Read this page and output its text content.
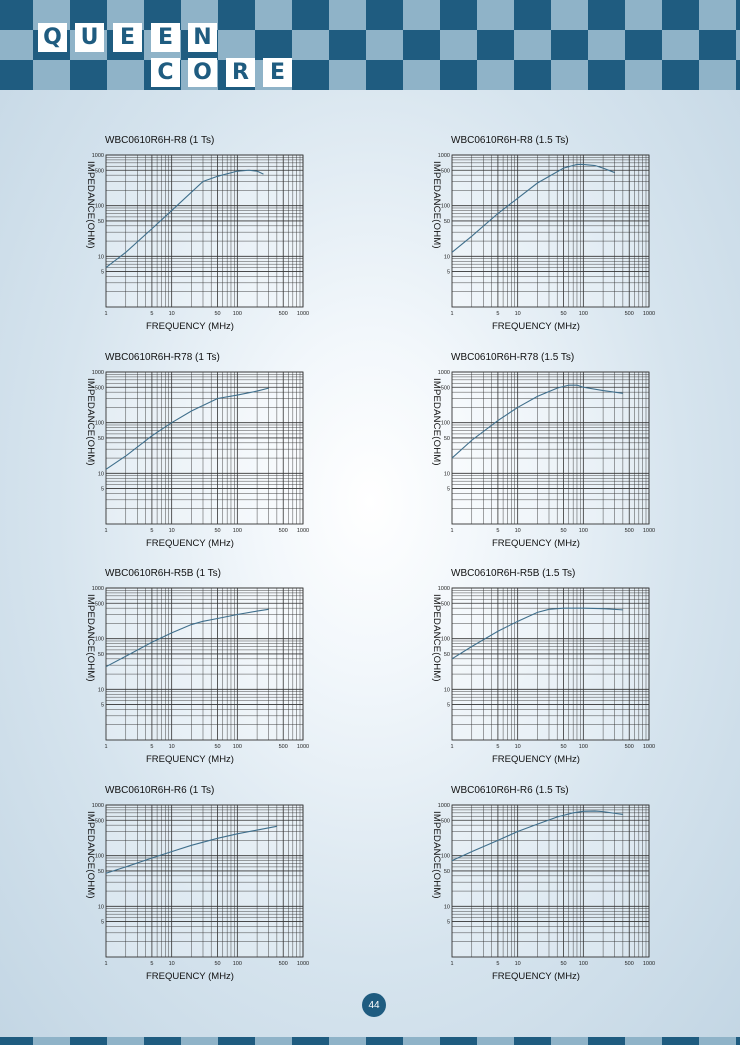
Q U E	E N
C O R E
WBC0610R6H-R8 (1 Ts)
IMPEDANCE(OHM)
1	5	10	50 100	500 1000
1000
500
100
50
10
5
FREQUENCY (MHz)
WBC0610R6H-R8 (1.5 Ts)
IMPEDANCE(OHM)
1	5	10	50 100	500 1000
1000
500
100
50
10
5
FREQUENCY (MHz)
WBC0610R6H-R78 (1 Ts)
IMPEDANCE(OHM)
1	5	10	50 100	500 1000
1000
500
100
50
10
5
FREQUENCY (MHz)
WBC0610R6H-R78 (1.5 Ts)
IMPEDANCE(OHM)
1	5	10	50 100	500 1000
1000
500
100
50
10
5
FREQUENCY (MHz)
WBC0610R6H-R5B (1 Ts)
IMPEDANCE(OHM)
1	5	10	50 100	500 1000
1000
500
100
50
10
5
FREQUENCY (MHz)
WBC0610R6H-R5B (1.5 Ts)
IMPEDANCE(OHM)
1	5	10	50 100	500 1000
1000
500
100
50
10
5
FREQUENCY (MHz)
WBC0610R6H-R6 (1 Ts)
IMPEDANCE(OHM)
1	5	10	50 100	500 1000
1000
500
100
50
10
5
FREQUENCY (MHz)
WBC0610R6H-R6 (1.5 Ts)
IMPEDANCE(OHM)
1	5	10	50 100	500 1000
1000
500
100
50
10
5
FREQUENCY (MHz)
44
